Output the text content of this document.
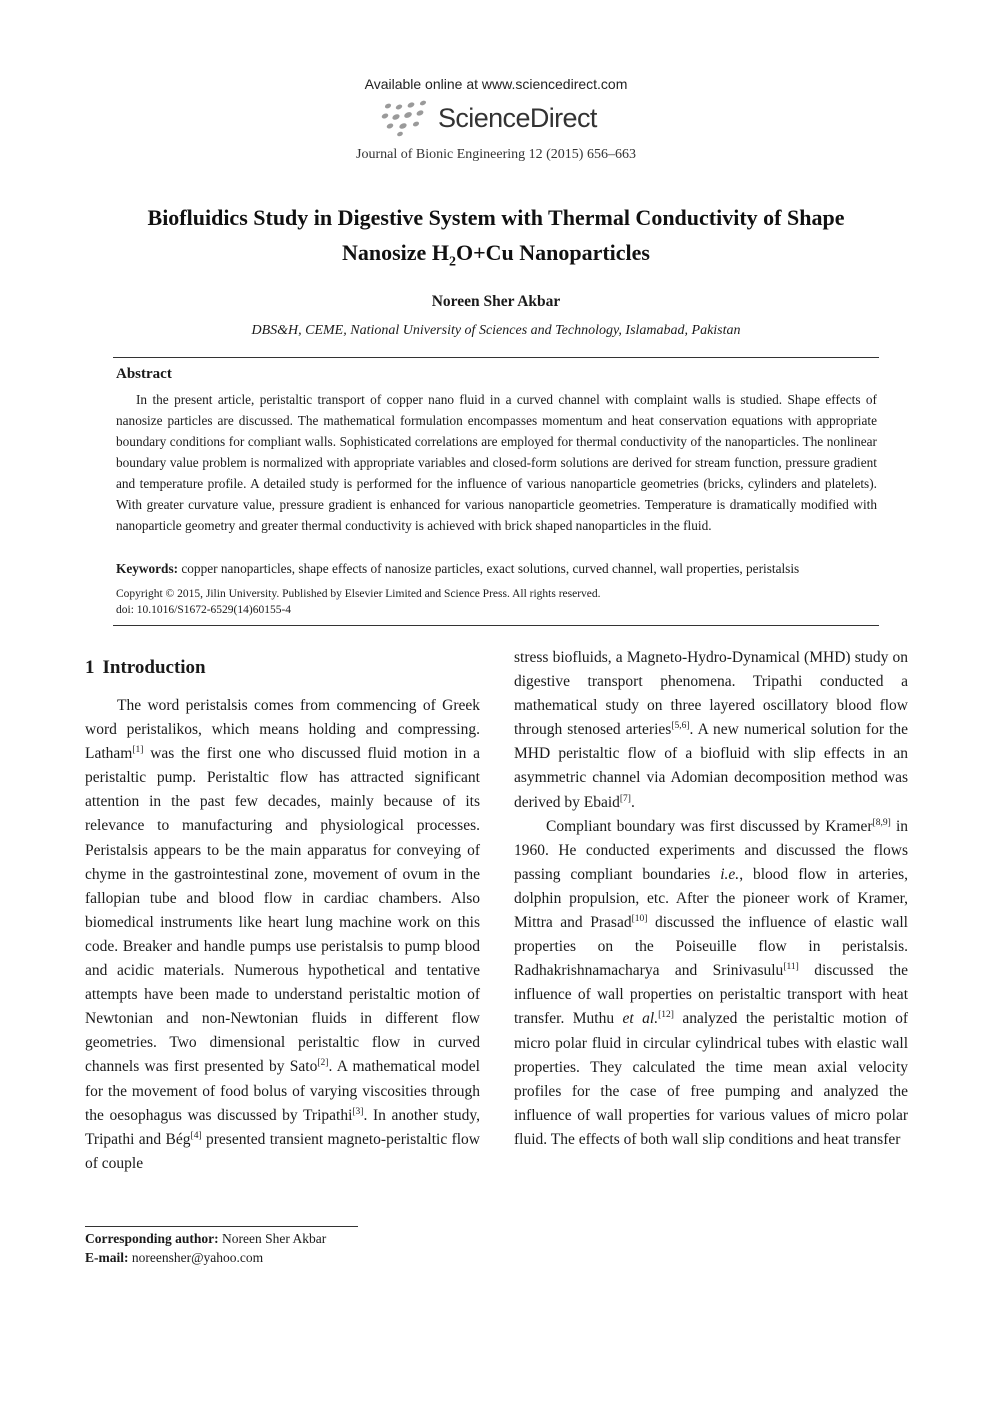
Available online at www.sciencedirect.com
ScienceDirect
Journal of Bionic Engineering 12 (2015) 656–663
Biofluidics Study in Digestive System with Thermal Conductivity of Shape
Nanosize $H_2O+Cu$ Nanoparticles
Noreen Sher Akbar
DBS&H, CEME, National University of Sciences and Technology, Islamabad, Pakistan
Abstract
In the present article, peristaltic transport of copper nano fluid in a curved channel with complaint walls is studied. Shape effects of nanosize particles are discussed. The mathematical formulation encompasses momentum and heat conservation equations with appropriate boundary conditions for compliant walls. Sophisticated correlations are employed for thermal conductivity of the nanoparticles. The nonlinear boundary value problem is normalized with appropriate variables and closed-form solutions are derived for stream function, pressure gradient and temperature profile. A detailed study is performed for the influence of various nanoparticle geometries (bricks, cylinders and platelets). With greater curvature value, pressure gradient is enhanced for various nanoparticle geometries. Temperature is dramatically modified with nanoparticle geometry and greater thermal conductivity is achieved with brick shaped nanoparticles in the fluid.
Keywords: copper nanoparticles, shape effects of nanosize particles, exact solutions, curved channel, wall properties, peristalsis
Copyright © 2015, Jilin University. Published by Elsevier Limited and Science Press. All rights reserved.
doi: 10.1016/S1672-6529(14)60155-4
1 Introduction

The word peristalsis comes from commencing of Greek word peristalikos, which means holding and compressing. Latham[1] was the first one who discussed fluid motion in a peristaltic pump. Peristaltic flow has attracted significant attention in the past few decades, mainly because of its relevance to manufacturing and physiological processes. Peristalsis appears to be the main apparatus for conveying of chyme in the gastrointestinal zone, movement of ovum in the fallopian tube and blood flow in cardiac chambers. Also biomedical instruments like heart lung machine work on this code. Breaker and handle pumps use peristalsis to pump blood and acidic materials. Numerous hypothetical and tentative attempts have been made to understand peristaltic motion of Newtonian and non-Newtonian fluids in different flow geometries. Two dimensional peristaltic flow in curved channels was first presented by Sato[2]. A mathematical model for the movement of food bolus of varying viscosities through the oesophagus was discussed by Tripathi[3]. In another study, Tripathi and Bég[4] presented transient magneto-peristaltic flow of couple

stress biofluids, a Magneto-Hydro-Dynamical (MHD) study on digestive transport phenomena. Tripathi conducted a mathematical study on three layered oscillatory blood flow through stenosed arteries[5,6]. A new numerical solution for the MHD peristaltic flow of a biofluid with slip effects in an asymmetric channel via Adomian decomposition method was derived by Ebaid[7].

Compliant boundary was first discussed by Kramer[8,9] in 1960. He conducted experiments and discussed the flows passing compliant boundaries i.e., blood flow in arteries, dolphin propulsion, etc. After the pioneer work of Kramer, Mittra and Prasad[10] discussed the influence of elastic wall properties on the Poiseuille flow in peristalsis. Radhakrishnamacharya and Srinivasulu[11] discussed the influence of wall properties on peristaltic transport with heat transfer. Muthu et al.[12] analyzed the peristaltic motion of micro polar fluid in circular cylindrical tubes with elastic wall properties. They calculated the time mean axial velocity profiles for the case of free pumping and analyzed the influence of wall properties for various values of micro polar fluid. The effects of both wall slip conditions and heat transfer

Corresponding author: Noreen Sher Akbar
E-mail: noreensher@yahoo.com
